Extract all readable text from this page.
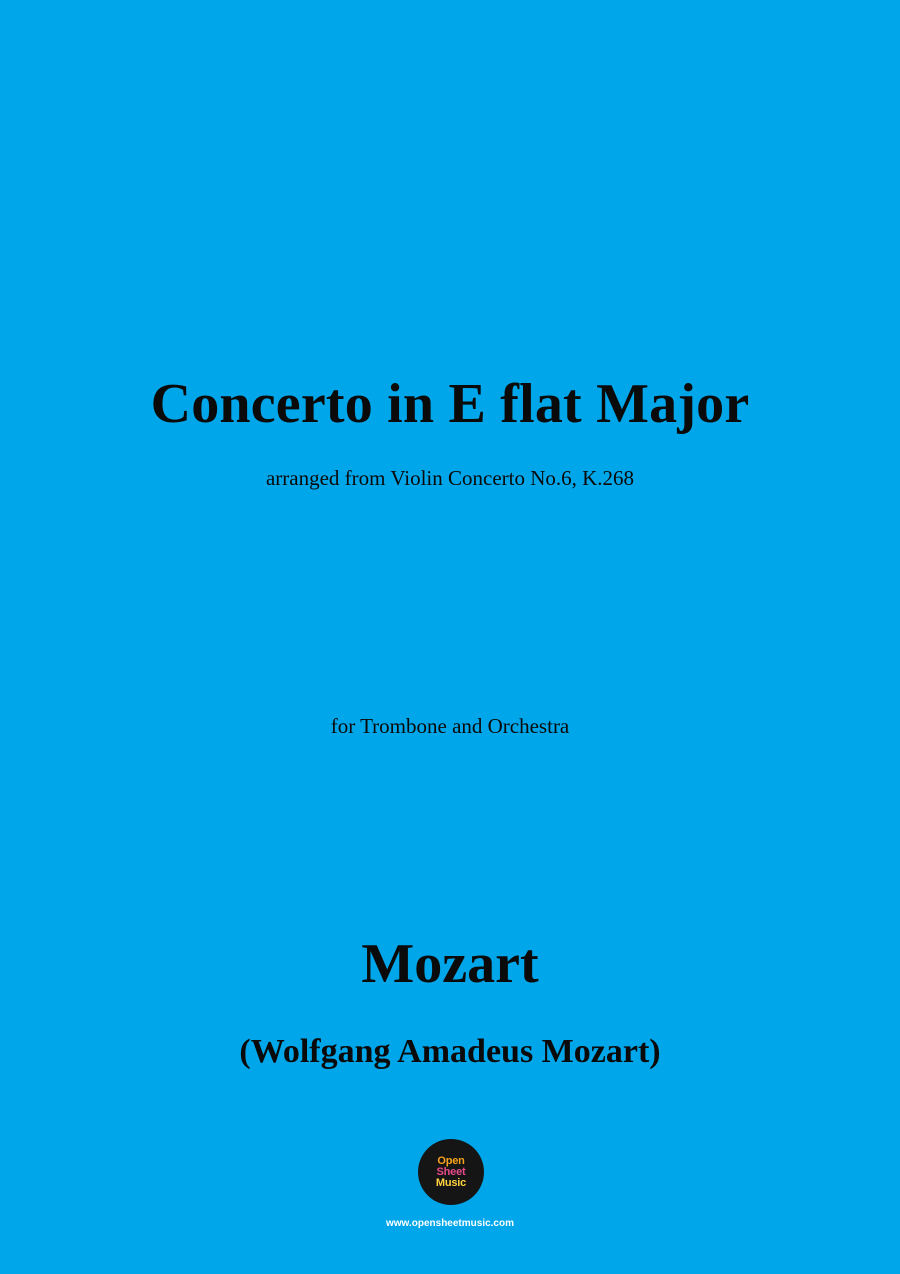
Concerto in E flat Major
arranged from Violin Concerto No.6, K.268
for Trombone and Orchestra
Mozart
(Wolfgang Amadeus Mozart)
Open
Sheet
Music
www.opensheetmusic.com
